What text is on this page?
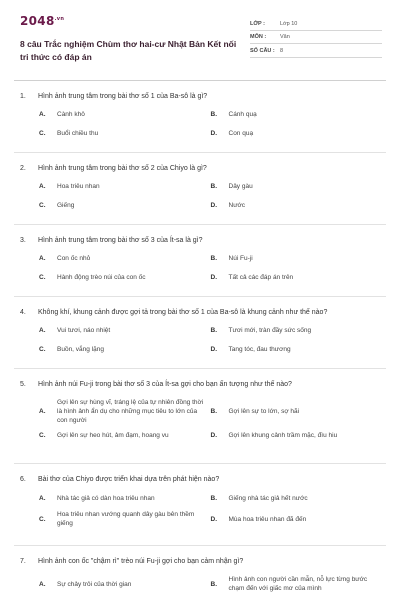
$2048^{.vn}$
8 câu Trắc nghiệm Chùm thơ hai-cư Nhật Bản Kết nối tri thức có đáp án
LỚP :	Lớp 10
MÔN :	Văn
SỐ CÂU : 8
1.	Hình ảnh trung tâm trong bài thơ số 1 của Ba-sô là gì?
A.	Cành khô	B.	Cánh quạ
C.	Buổi chiều thu	D.	Con quạ
2.	Hình ảnh trung tâm trong bài thơ số 2 của Chiyo là gì?
A.	Hoa triêu nhan	B.	Dây gàu
C.	Giếng	D.	Nước
3.	Hình ảnh trung tâm trong bài thơ số 3 của Ít-sa là gì?
A.	Con ốc nhỏ	B.	Núi Fu-ji
C.	Hành động trèo núi của con ốc	D.	Tất cả các đáp án trên
4.	Không khí, khung cảnh được gợi tả trong bài thơ số 1 của Ba-sô là khung cảnh như thế nào?
A.	Vui tươi, náo nhiệt	B.	Tươi mới, tràn đầy sức sống
C.	Buồn, vắng lặng	D.	Tang tóc, đau thương
5.	Hình ảnh núi Fu-ji trong bài thơ số 3 của Ít-sa gợi cho bạn ấn tượng như thế nào?
A.
Gợi lên sự hùng vĩ, tráng lệ của tự nhiên đồng thời là hình ảnh ẩn dụ cho những mục tiêu to lớn của con người
B.	Gợi lên sự to lớn, sợ hãi
C.	Gợi lên sự heo hút, ảm đạm, hoang vu	D.	Gợi lên khung cảnh trầm mặc, đìu hiu
6.	Bài thơ của Chiyo được triển khai dựa trên phát hiện nào?
A.	Nhà tác giả có dàn hoa triêu nhan	B.	Giếng nhà tác giả hết nước
C.
Hoa triêu nhan vướng quanh dây gàu bên thềm giếng
D.	Mùa hoa triêu nhan đã đến
7.	Hình ảnh con ốc "chậm rì" trèo núi Fu-ji gợi cho bạn cảm nhận gì?
A.	Sự chảy trôi của thời gian	B.
Hình ảnh con người cần mẫn, nỗ lực từng bước chạm đến với giấc mơ của mình
